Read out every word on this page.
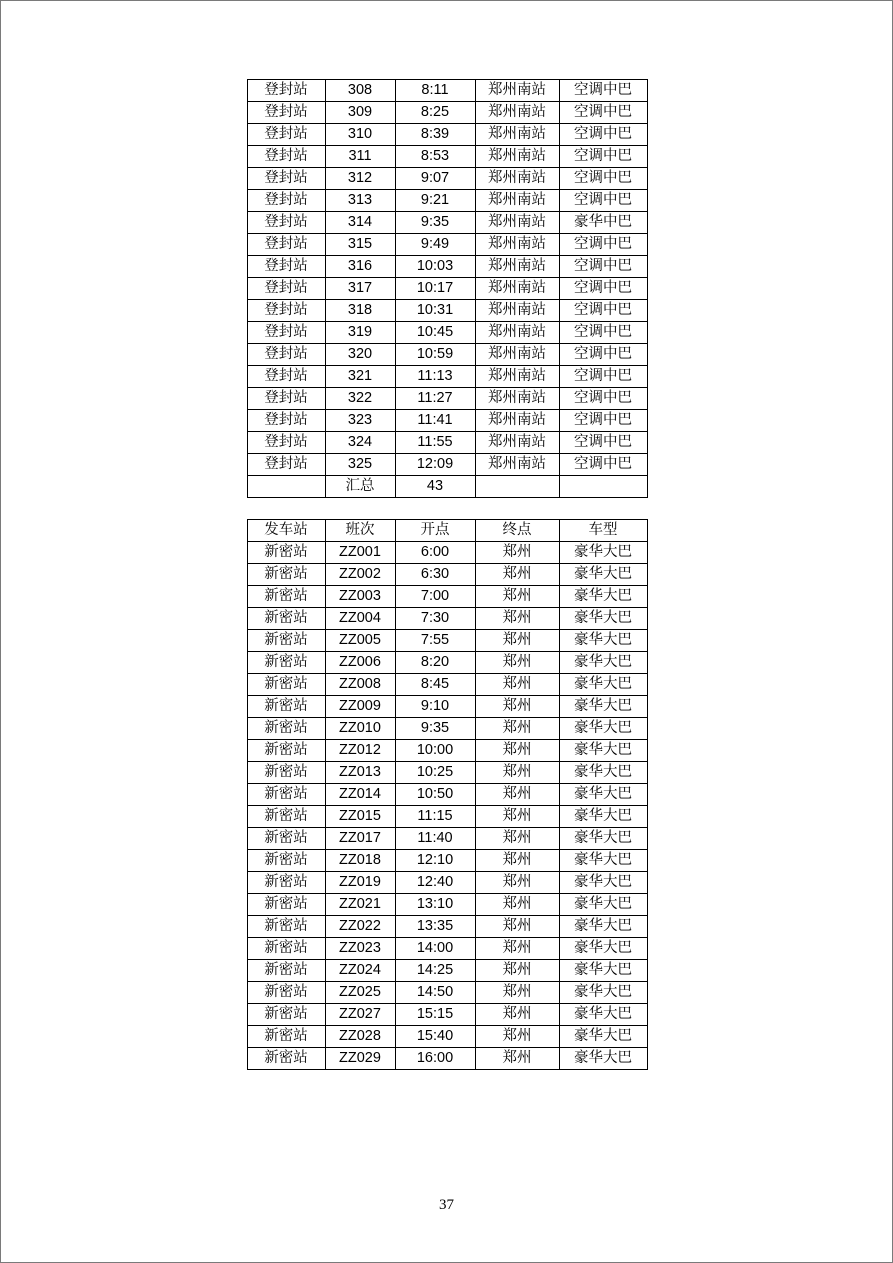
登封站	308	8:11	郑州南站	空调中巴
登封站	309	8:25	郑州南站	空调中巴
登封站	310	8:39	郑州南站	空调中巴
登封站	311	8:53	郑州南站	空调中巴
登封站	312	9:07	郑州南站	空调中巴
登封站	313	9:21	郑州南站	空调中巴
登封站	314	9:35	郑州南站	豪华中巴
登封站	315	9:49	郑州南站	空调中巴
登封站	316	10:03	郑州南站	空调中巴
登封站	317	10:17	郑州南站	空调中巴
登封站	318	10:31	郑州南站	空调中巴
登封站	319	10:45	郑州南站	空调中巴
登封站	320	10:59	郑州南站	空调中巴
登封站	321	11:13	郑州南站	空调中巴
登封站	322	11:27	郑州南站	空调中巴
登封站	323	11:41	郑州南站	空调中巴
登封站	324	11:55	郑州南站	空调中巴
登封站	325	12:09	郑州南站	空调中巴
	汇总	43		

发车站	班次	开点	终点	车型
新密站	ZZ001	6:00	郑州	豪华大巴
新密站	ZZ002	6:30	郑州	豪华大巴
新密站	ZZ003	7:00	郑州	豪华大巴
新密站	ZZ004	7:30	郑州	豪华大巴
新密站	ZZ005	7:55	郑州	豪华大巴
新密站	ZZ006	8:20	郑州	豪华大巴
新密站	ZZ008	8:45	郑州	豪华大巴
新密站	ZZ009	9:10	郑州	豪华大巴
新密站	ZZ010	9:35	郑州	豪华大巴
新密站	ZZ012	10:00	郑州	豪华大巴
新密站	ZZ013	10:25	郑州	豪华大巴
新密站	ZZ014	10:50	郑州	豪华大巴
新密站	ZZ015	11:15	郑州	豪华大巴
新密站	ZZ017	11:40	郑州	豪华大巴
新密站	ZZ018	12:10	郑州	豪华大巴
新密站	ZZ019	12:40	郑州	豪华大巴
新密站	ZZ021	13:10	郑州	豪华大巴
新密站	ZZ022	13:35	郑州	豪华大巴
新密站	ZZ023	14:00	郑州	豪华大巴
新密站	ZZ024	14:25	郑州	豪华大巴
新密站	ZZ025	14:50	郑州	豪华大巴
新密站	ZZ027	15:15	郑州	豪华大巴
新密站	ZZ028	15:40	郑州	豪华大巴
新密站	ZZ029	16:00	郑州	豪华大巴
37
